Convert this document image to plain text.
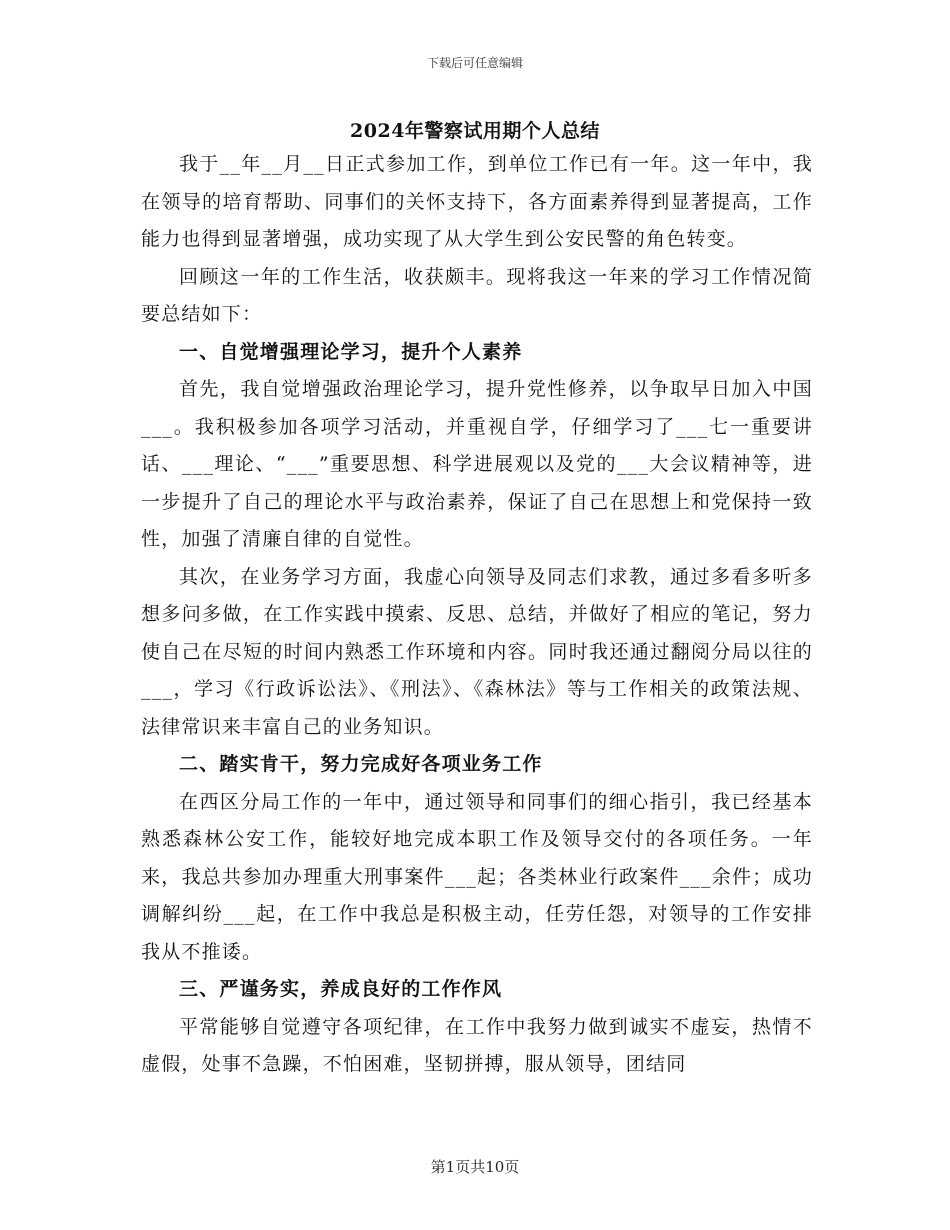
下载后可任意编辑
2024年警察试用期个人总结

我于__年__月__日正式参加工作，到单位工作已有一年。这一年中，我在领导的培育帮助、同事们的关怀支持下，各方面素养得到显著提高，工作能力也得到显著增强，成功实现了从大学生到公安民警的角色转变。

回顾这一年的工作生活，收获颇丰。现将我这一年来的学习工作情况简要总结如下：

一、自觉增强理论学习，提升个人素养

首先，我自觉增强政治理论学习，提升党性修养，以争取早日加入中国___。我积极参加各项学习活动，并重视自学，仔细学习了___七一重要讲话、___理论、“___”重要思想、科学进展观以及党的___大会议精神等，进一步提升了自己的理论水平与政治素养，保证了自己在思想上和党保持一致性，加强了清廉自律的自觉性。

其次，在业务学习方面，我虚心向领导及同志们求教，通过多看多听多想多问多做，在工作实践中摸索、反思、总结，并做好了相应的笔记，努力使自己在尽短的时间内熟悉工作环境和内容。同时我还通过翻阅分局以往的___，学习《行政诉讼法》、《刑法》、《森林法》等与工作相关的政策法规、法律常识来丰富自己的业务知识。

二、踏实肯干，努力完成好各项业务工作

在西区分局工作的一年中，通过领导和同事们的细心指引，我已经基本熟悉森林公安工作，能较好地完成本职工作及领导交付的各项任务。一年来，我总共参加办理重大刑事案件___起；各类林业行政案件___余件；成功调解纠纷___起，在工作中我总是积极主动，任劳任怨，对领导的工作安排我从不推诿。

三、严谨务实，养成良好的工作作风

平常能够自觉遵守各项纪律，在工作中我努力做到诚实不虚妄，热情不虚假，处事不急躁，不怕困难，坚韧拼搏，服从领导，团结同

第1页共10页
